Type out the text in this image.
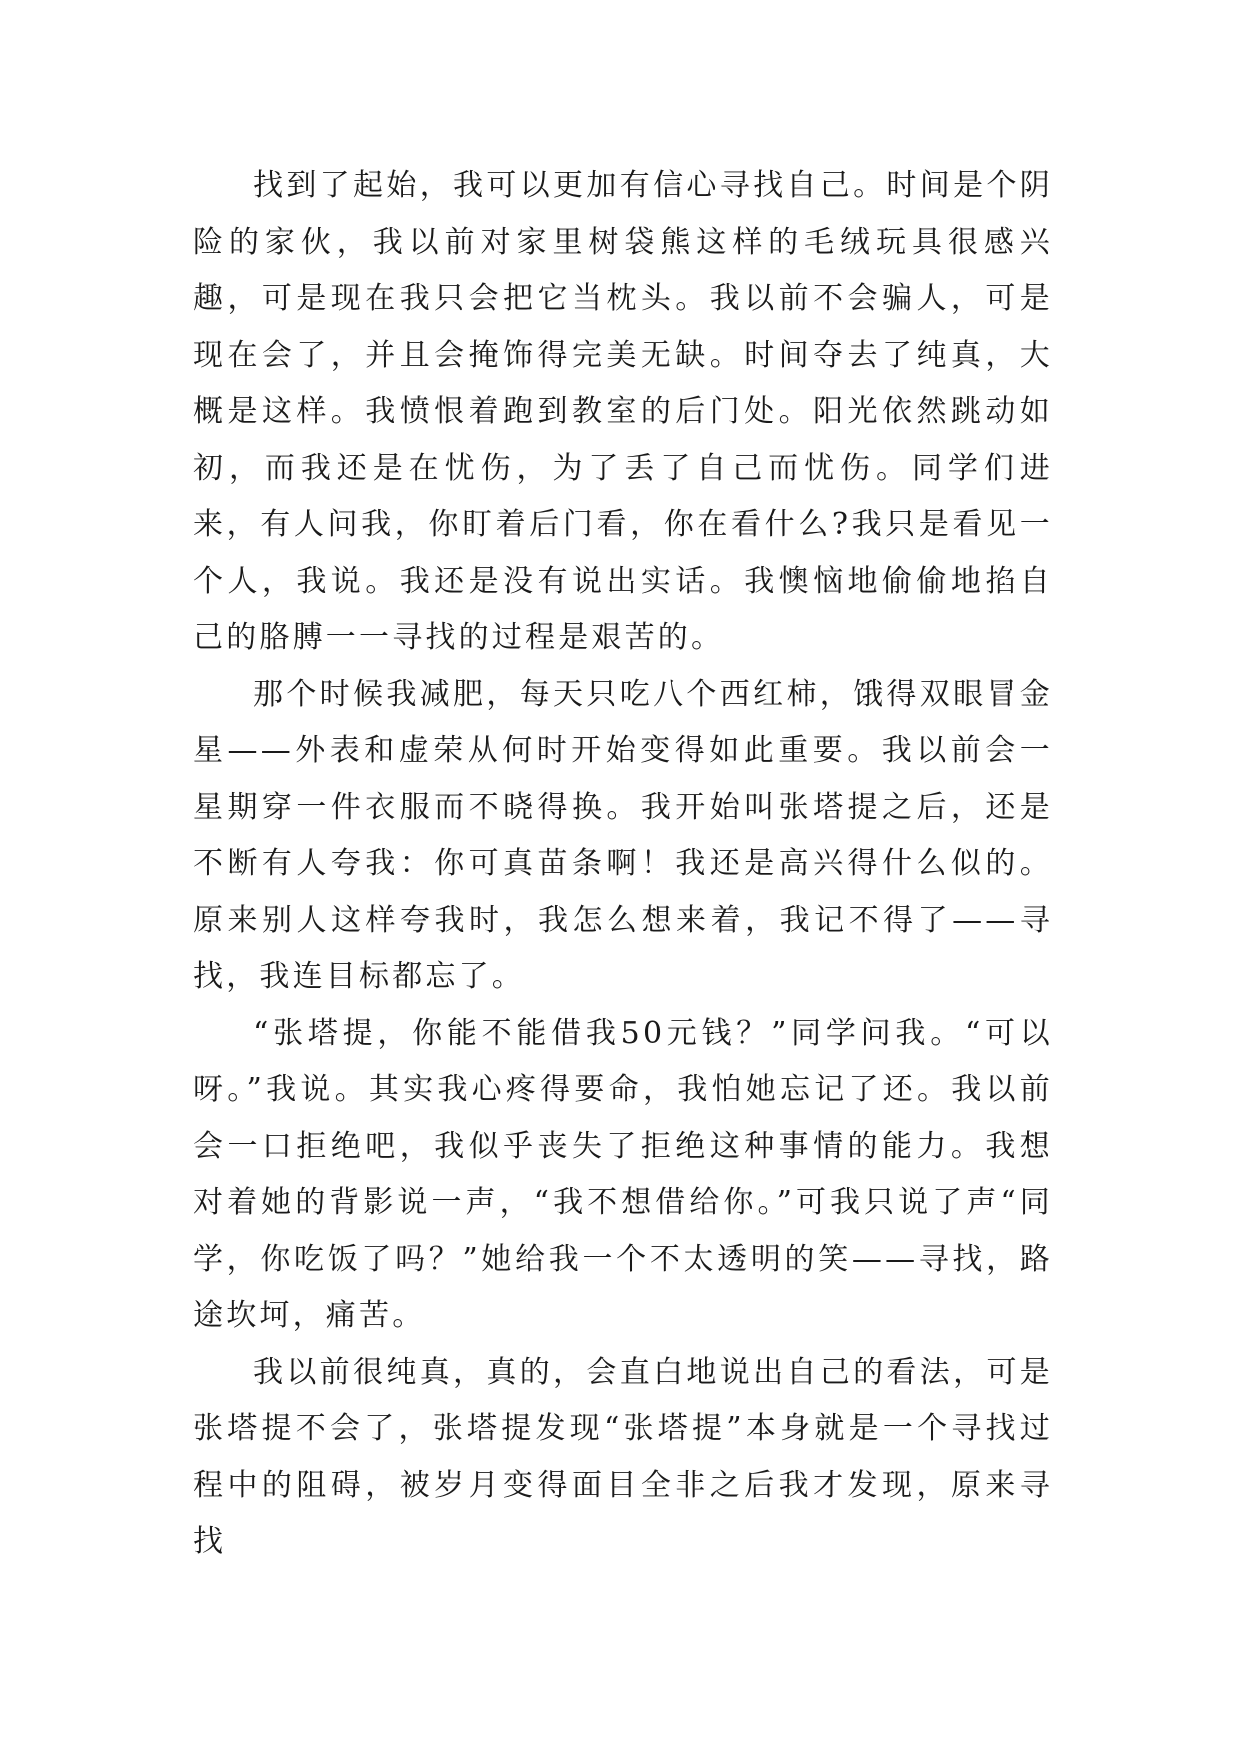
找到了起始，我可以更加有信心寻找自己。时间是个阴险的家伙，我以前对家里树袋熊这样的毛绒玩具很感兴趣，可是现在我只会把它当枕头。我以前不会骗人，可是现在会了，并且会掩饰得完美无缺。时间夺去了纯真，大概是这样。我愤恨着跑到教室的后门处。阳光依然跳动如初，而我还是在忧伤，为了丢了自己而忧伤。同学们进来，有人问我，你盯着后门看，你在看什么?我只是看见一个人，我说。我还是没有说出实话。我懊恼地偷偷地掐自己的胳膊一一寻找的过程是艰苦的。

那个时候我减肥，每天只吃八个西红柿，饿得双眼冒金星——外表和虚荣从何时开始变得如此重要。我以前会一星期穿一件衣服而不晓得换。我开始叫张塔提之后，还是不断有人夸我：你可真苗条啊！我还是高兴得什么似的。原来别人这样夸我时，我怎么想来着，我记不得了——寻找，我连目标都忘了。

“张塔提，你能不能借我50元钱？”同学问我。“可以呀。”我说。其实我心疼得要命，我怕她忘记了还。我以前会一口拒绝吧，我似乎丧失了拒绝这种事情的能力。我想对着她的背影说一声，“我不想借给你。”可我只说了声“同学，你吃饭了吗？”她给我一个不太透明的笑——寻找，路途坎坷，痛苦。

我以前很纯真，真的，会直白地说出自己的看法，可是张塔提不会了，张塔提发现“张塔提”本身就是一个寻找过程中的阻碍，被岁月变得面目全非之后我才发现，原来寻找
